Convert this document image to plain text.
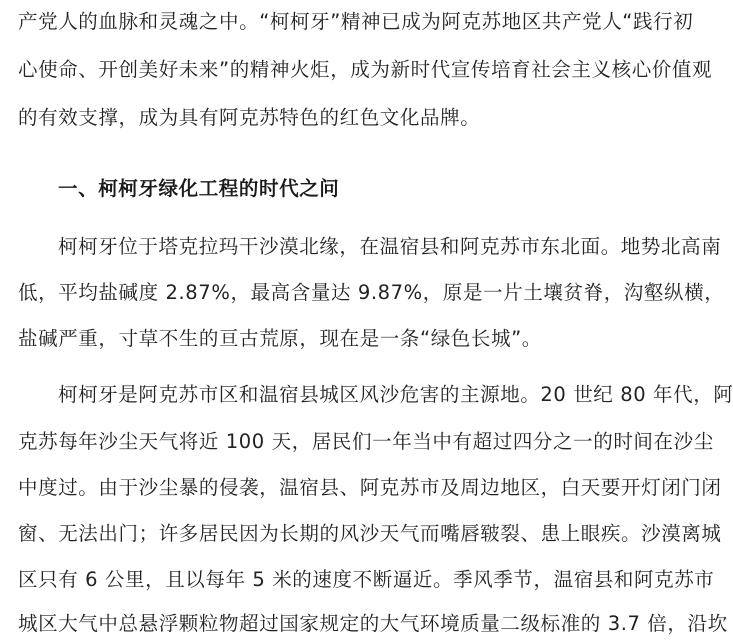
产党人的血脉和灵魂之中。“柯柯牙”精神已成为阿克苏地区共产党人“践行初
心使命、开创美好未来”的精神火炬，成为新时代宣传培育社会主义核心价值观
的有效支撑，成为具有阿克苏特色的红色文化品牌。
一、柯柯牙绿化工程的时代之问
柯柯牙位于塔克拉玛干沙漠北缘，在温宿县和阿克苏市东北面。地势北高南
低，平均盐碱度 2.87%，最高含量达 9.87%，原是一片土壤贫脊，沟壑纵横，
盐碱严重，寸草不生的亘古荒原，现在是一条“绿色长城”。
柯柯牙是阿克苏市区和温宿县城区风沙危害的主源地。20 世纪 80 年代，阿
克苏每年沙尘天气将近 100 天，居民们一年当中有超过四分之一的时间在沙尘
中度过。由于沙尘暴的侵袭，温宿县、阿克苏市及周边地区，白天要开灯闭门闭
窗、无法出门；许多居民因为长期的风沙天气而嘴唇皲裂、患上眼疾。沙漠离城
区只有 6 公里，且以每年 5 米的速度不断逼近。季风季节，温宿县和阿克苏市
城区大气中总悬浮颗粒物超过国家规定的大气环境质量二级标准的 3.7 倍，沿坎
